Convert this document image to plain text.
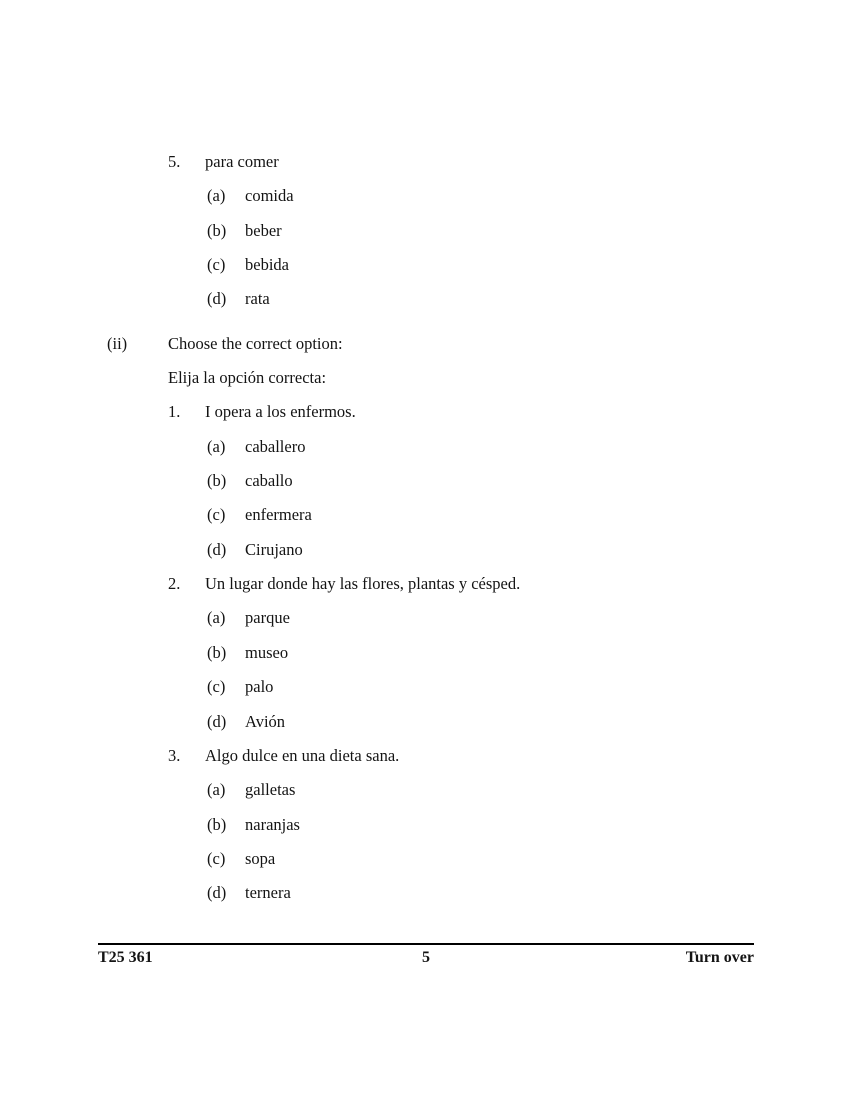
5. para comer
(a) comida
(b) beber
(c) bebida
(d) rata
(ii) Choose the correct option:
Elija la opción correcta:
1. I opera a los enfermos.
(a) caballero
(b) caballo
(c) enfermera
(d) Cirujano
2. Un lugar donde hay las flores, plantas y césped.
(a) parque
(b) museo
(c) palo
(d) Avión
3. Algo dulce en una dieta sana.
(a) galletas
(b) naranjas
(c) sopa
(d) ternera
T25 361	5	Turn over
